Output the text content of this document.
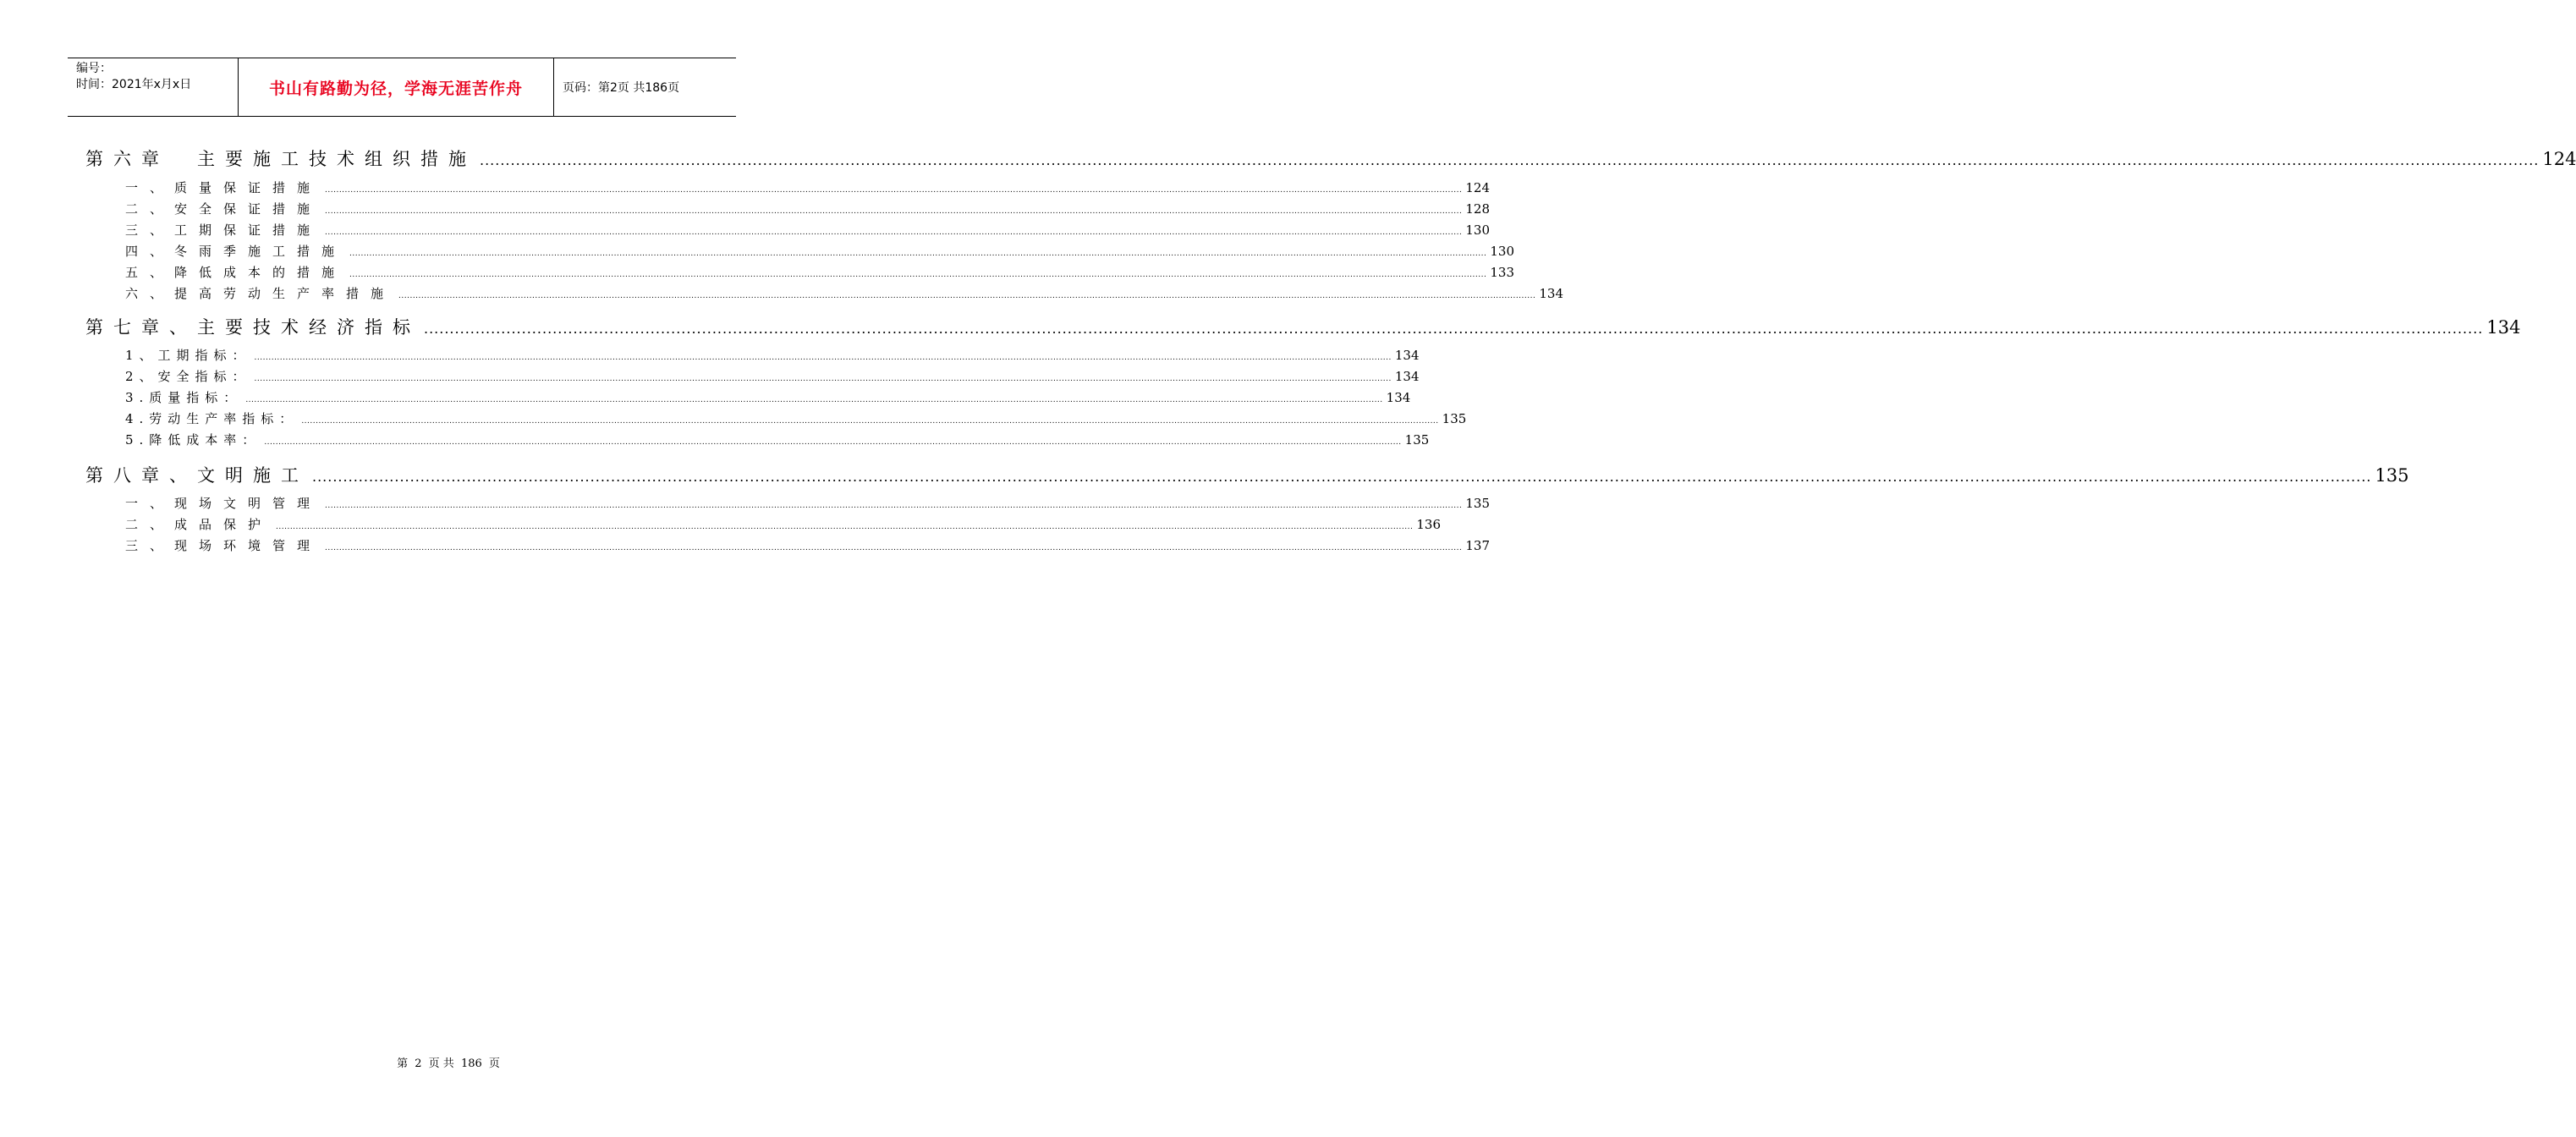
编号：
时间：2021年x月x日	书山有路勤为径，学海无涯苦作舟	页码：第2页 共186页
第六章　主要施工技术组织措施 ................................................................................................................................................................................................................................................................................................................................................................................................................ 124
一、质量保证措施 ................................................................................................................................................................................................................................................................................................................................................................................................................ 124
二、安全保证措施 ................................................................................................................................................................................................................................................................................................................................................................................................................ 128
三、工期保证措施 ................................................................................................................................................................................................................................................................................................................................................................................................................ 130
四、冬雨季施工措施 ................................................................................................................................................................................................................................................................................................................................................................................................................ 130
五、降低成本的措施 ................................................................................................................................................................................................................................................................................................................................................................................................................ 133
六、提高劳动生产率措施 ................................................................................................................................................................................................................................................................................................................................................................................................................ 134
第七章、主要技术经济指标 ................................................................................................................................................................................................................................................................................................................................................................................................................ 134
1、工期指标： ................................................................................................................................................................................................................................................................................................................................................................................................................ 134
2、安全指标： ................................................................................................................................................................................................................................................................................................................................................................................................................ 134
3.质量指标： ................................................................................................................................................................................................................................................................................................................................................................................................................ 134
4.劳动生产率指标： ................................................................................................................................................................................................................................................................................................................................................................................................................ 135
5.降低成本率： ................................................................................................................................................................................................................................................................................................................................................................................................................ 135
第八章、文明施工 ................................................................................................................................................................................................................................................................................................................................................................................................................ 135
一、现场文明管理 ................................................................................................................................................................................................................................................................................................................................................................................................................ 135
二、成品保护 ................................................................................................................................................................................................................................................................................................................................................................................................................ 136
三、现场环境管理 ................................................................................................................................................................................................................................................................................................................................................................................................................ 137
第 2 页 共 186 页
